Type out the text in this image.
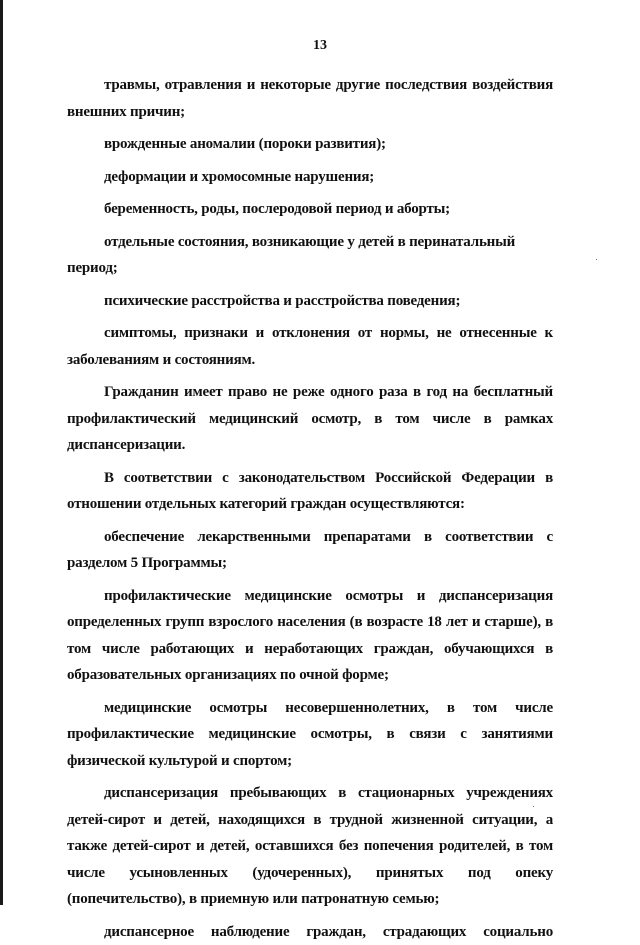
13

травмы, отравления и некоторые другие последствия воздействия внешних причин;

врожденные аномалии (пороки развития);

деформации и хромосомные нарушения;

беременность, роды, послеродовой период и аборты;

отдельные состояния, возникающие у детей в перинатальный период;

психические расстройства и расстройства поведения;

симптомы, признаки и отклонения от нормы, не отнесенные к заболеваниям и состояниям.

Гражданин имеет право не реже одного раза в год на бесплатный профилактический медицинский осмотр, в том числе в рамках диспансеризации.

В соответствии с законодательством Российской Федерации в отношении отдельных категорий граждан осуществляются:

обеспечение лекарственными препаратами в соответствии с разделом 5 Программы;

профилактические медицинские осмотры и диспансеризация определенных групп взрослого населения (в возрасте 18 лет и старше), в том числе работающих и неработающих граждан, обучающихся в образовательных организациях по очной форме;

медицинские осмотры несовершеннолетних, в том числе профилактические медицинские осмотры, в связи с занятиями физической культурой и спортом;

диспансеризация пребывающих в стационарных учреждениях детей-сирот и детей, находящихся в трудной жизненной ситуации, а также детей-сирот и детей, оставшихся без попечения родителей, в том числе усыновленных (удочеренных), принятых под опеку (попечительство), в приемную или патронатную семью;

диспансерное наблюдение граждан, страдающих социально
